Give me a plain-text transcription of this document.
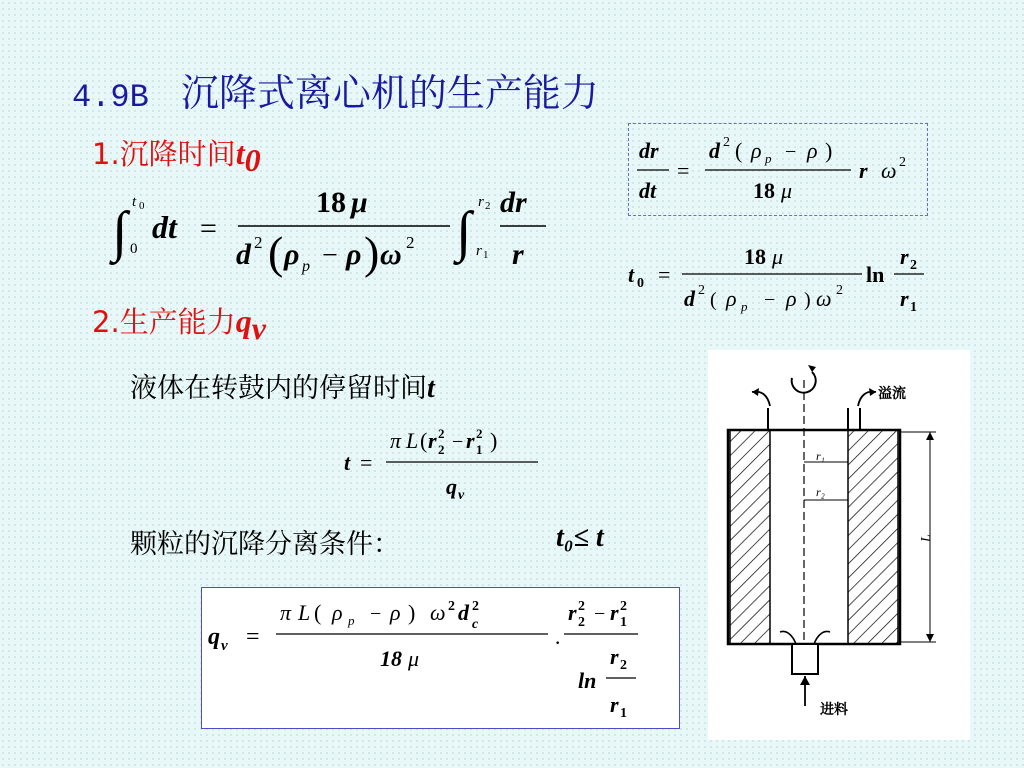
4.9B 沉降式离心机的生产能力
1.沉降时间$t_0$
∫ t 0
0
dt =
18 μ
d 2 ( ρ p − ρ ) ω 2 ∫ r 2
r 1
dr
r
dr
dt
=
d 2 ( ρ p − ρ )
18 μ
r ω 2
t 0 =
18 μ
d 2 ( ρ p − ρ ) ω 2
ln
r 2
r 1
2.生产能力$q_v$
液体在转鼓内的停留时间t
t =
π L ( r 2
2 − r 2
1 )
q v
颗粒的沉降分离条件：	t₀≤ t
q v =
π L ( ρ p − ρ ) ω 2 d 2
c
18 μ
·
r 2
2 − r 2
1
ln
r 2
r 1
溢流
r₁
r₂
L
进料
